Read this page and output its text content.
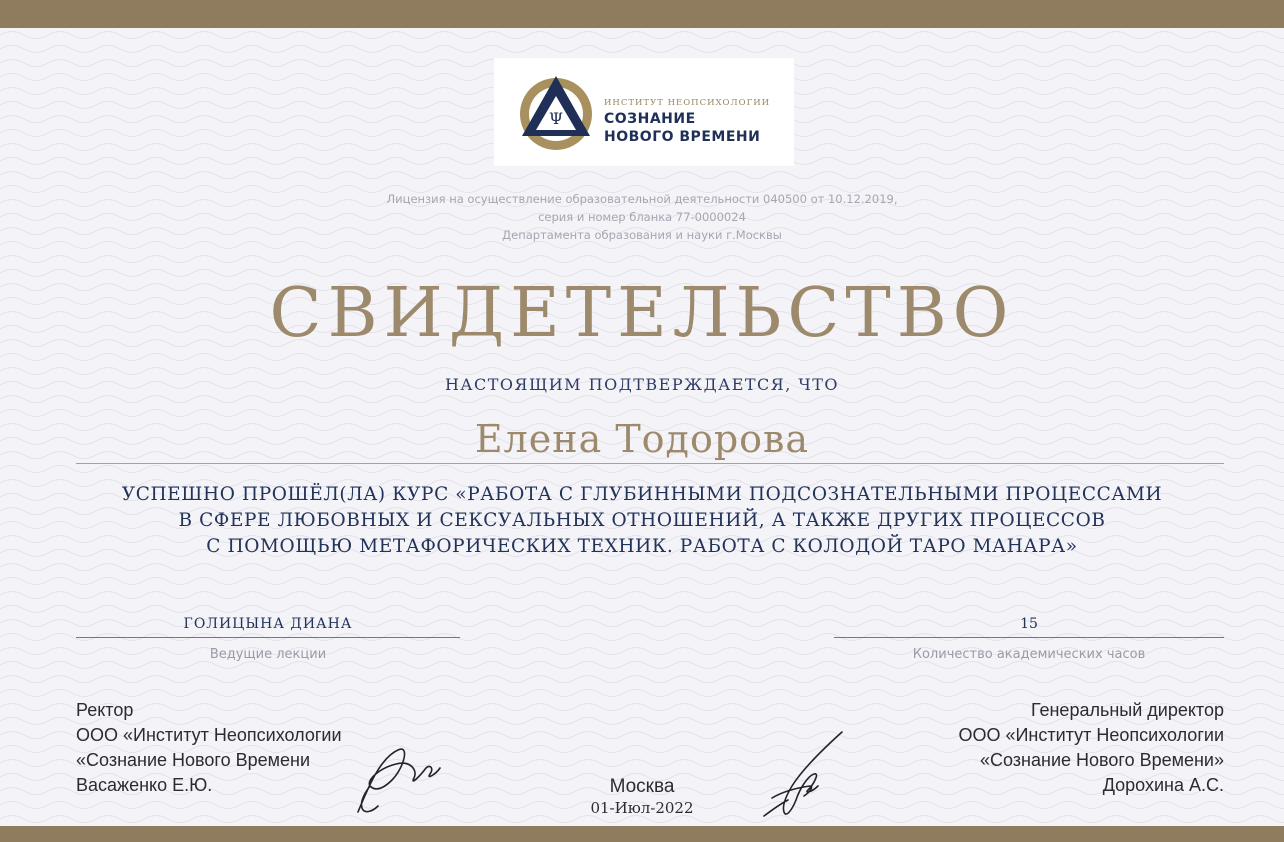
Ψ
ИНСТИТУТ НЕОПСИХОЛОГИИ
СОЗНАНИЕ
НОВОГО ВРЕМЕНИ
Лицензия на осуществление образовательной деятельности 040500 от 10.12.2019,
серия и номер бланка 77-0000024
Департамента образования и науки г.Москвы
СВИДЕТЕЛЬСТВО
НАСТОЯЩИМ ПОДТВЕРЖДАЕТСЯ, ЧТО
Елена Тодорова
УСПЕШНО ПРОШЁЛ(ЛА) КУРС «РАБОТА С ГЛУБИННЫМИ ПОДСОЗНАТЕЛЬНЫМИ ПРОЦЕССАМИ
В СФЕРЕ ЛЮБОВНЫХ И СЕКСУАЛЬНЫХ ОТНОШЕНИЙ, А ТАКЖЕ ДРУГИХ ПРОЦЕССОВ
С ПОМОЩЬЮ МЕТАФОРИЧЕСКИХ ТЕХНИК. РАБОТА С КОЛОДОЙ ТАРО МАНАРА»
ГОЛИЦЫНА ДИАНА
Ведущие лекции
15
Количество академических часов
Ректор
ООО «Институт Неопсихологии
«Сознание Нового Времени
Васаженко Е.Ю.
Генеральный директор
ООО «Институт Неопсихологии
«Сознание Нового Времени»
Дорохина А.С.
Москва
01-Июл-2022
